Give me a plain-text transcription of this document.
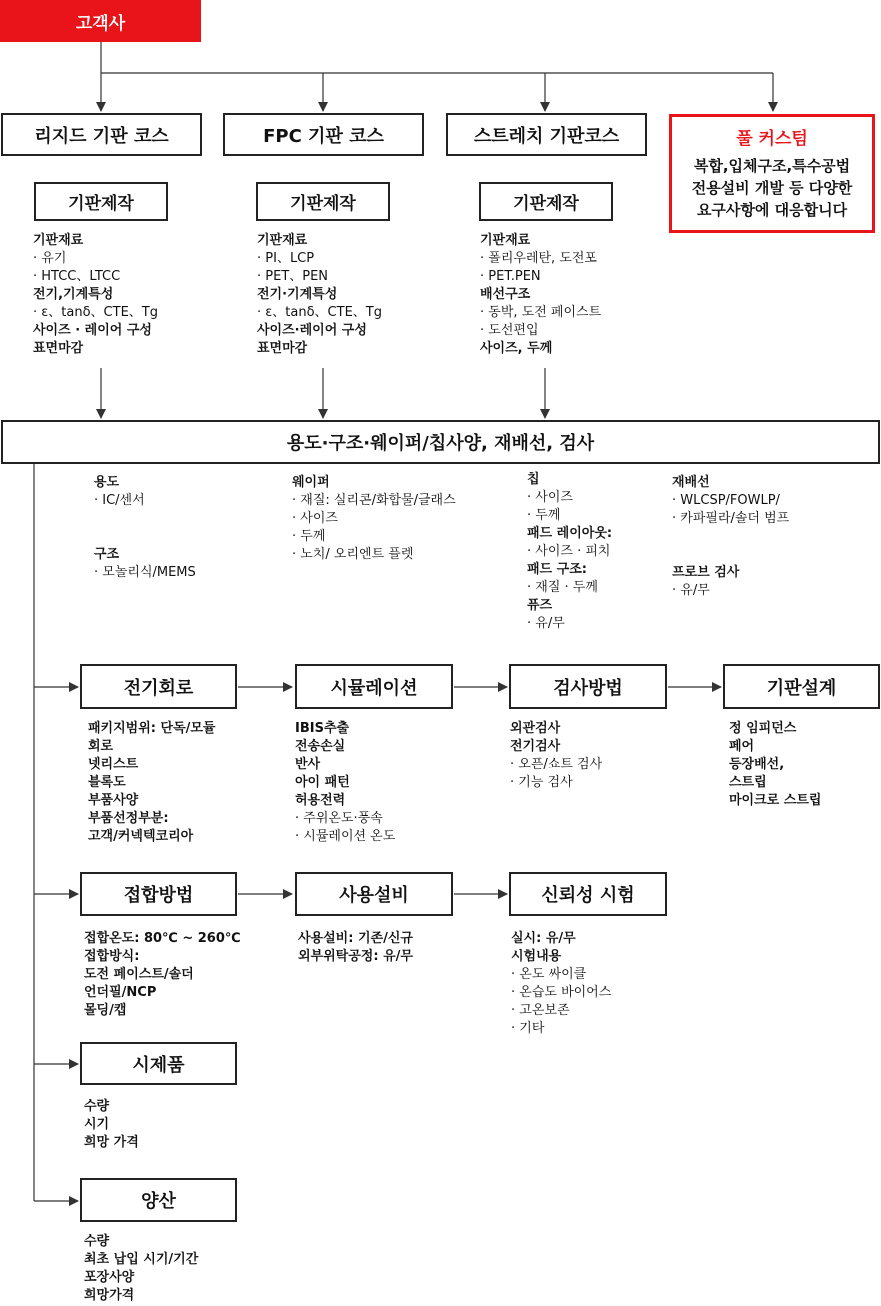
고객사
리지드 기판 코스	FPC 기판 코스	스트레치 기판코스	풀 커스텀
복합,입체구조,특수공법
전용설비 개발 등 다양한
요구사항에 대응합니다
기판제작	기판제작	기판제작
기판재료
· 유기
· HTCC、LTCC
전기,기계특성
· ε、tanδ、CTE、Tg
사이즈 · 레이어 구성
표면마감
기판재료
· PI、LCP
· PET、PEN
전기·기계특성
· ε、tanδ、CTE、Tg
사이즈·레이어 구성
표면마감
기판재료
· 폴리우레탄, 도전포
· PET.PEN
배선구조
· 동박, 도전 페이스트
· 도선편입
사이즈, 두께
용도·구조·웨이퍼/칩사양, 재배선, 검사
용도
· IC/센서

구조
· 모놀리식/MEMS
웨이퍼
· 재질: 실리콘/화합물/글래스
· 사이즈
· 두께
· 노치/ 오리엔트 플렛
칩
· 사이즈
· 두께
패드 레이아웃:
· 사이즈 · 피치
패드 구조:
· 재질 · 두께
퓨즈
· 유/무
재배선
· WLCSP/FOWLP/
· 카파필라/솔더 범프

프로브 검사
· 유/무
전기회로	시뮬레이션	검사방법	기판설계
패키지범위: 단독/모듈
회로
넷리스트
블록도
부품사양
부품선정부분:
고객/커넥텍코리아
IBIS추출
전송손실
반사
아이 패턴
허용전력
· 주위온도·풍속
· 시뮬레이션 온도
외관검사
전기검사
· 오픈/쇼트 검사
· 기능 검사
정 임피던스
페어
등장배선,
스트립
마이크로 스트립
접합방법	사용설비	신뢰성 시험
접합온도: 80℃ ~ 260℃
접합방식:
도전 페이스트/솔더
언더필/NCP
몰딩/캡
사용설비: 기존/신규
외부위탁공정: 유/무
실시: 유/무
시험내용
· 온도 싸이클
· 온습도 바이어스
· 고온보존
· 기타
시제품
수량
시기
희망 가격
양산
수량
최초 납입 시기/기간
포장사양
희망가격
